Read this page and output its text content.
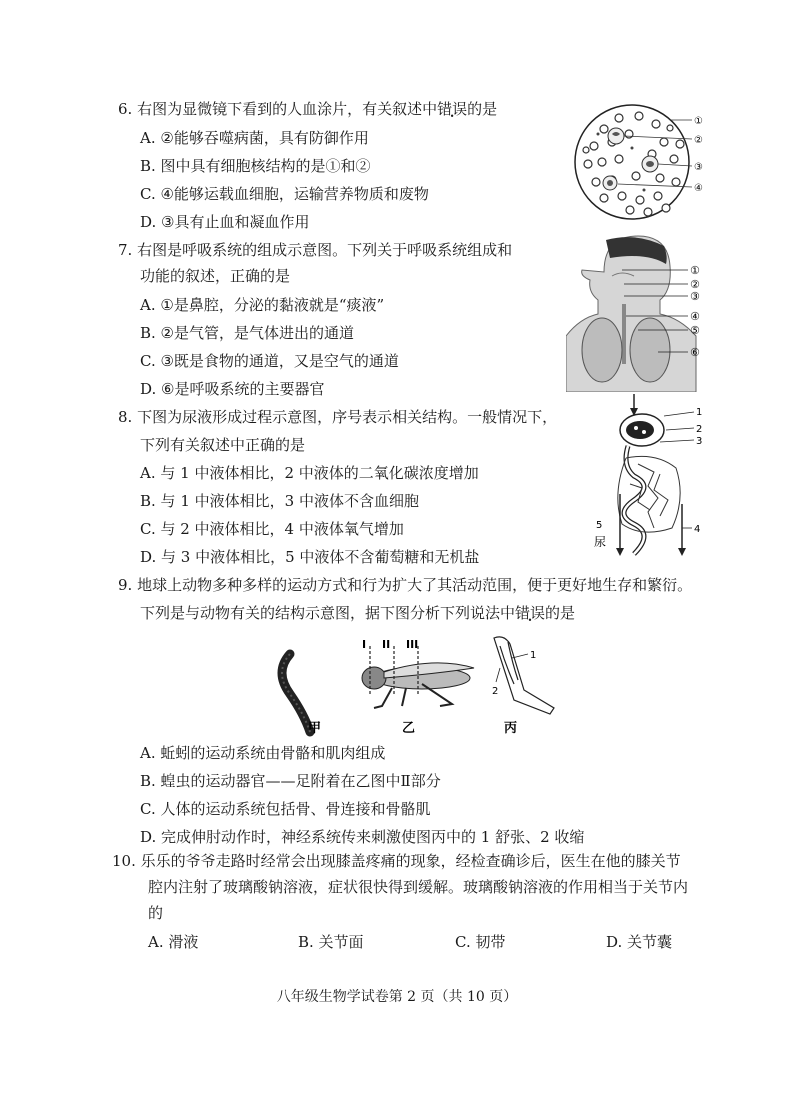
6. 右图为显微镜下看到的人血涂片，有关叙述中错误的是
A. ②能够吞噬病菌，具有防御作用
B. 图中具有细胞核结构的是①和②
C. ④能够运载血细胞，运输营养物质和废物
D. ③具有止血和凝血作用
①
②
③
④
7. 右图是呼吸系统的组成示意图。下列关于呼吸系统组成和
功能的叙述，正确的是
A. ①是鼻腔，分泌的黏液就是“痰液”
B. ②是气管，是气体进出的通道
C. ③既是食物的通道，又是空气的通道
D. ⑥是呼吸系统的主要器官
①
②
③
④
⑤
⑥
8. 下图为尿液形成过程示意图，序号表示相关结构。一般情况下，
下列有关叙述中正确的是
A. 与 1 中液体相比，2 中液体的二氧化碳浓度增加
B. 与 1 中液体相比，3 中液体不含血细胞
C. 与 2 中液体相比，4 中液体氧气增加
D. 与 3 中液体相比，5 中液体不含葡萄糖和无机盐
1
2
3
4
5
尿
9. 地球上动物多种多样的运动方式和行为扩大了其活动范围，便于更好地生存和繁衍。
下列是与动物有关的结构示意图，据下图分析下列说法中错误的是
I II III
1
2
甲	乙	丙
A. 蚯蚓的运动系统由骨骼和肌肉组成
B. 蝗虫的运动器官——足附着在乙图中Ⅱ部分
C. 人体的运动系统包括骨、骨连接和骨骼肌
D. 完成伸肘动作时，神经系统传来刺激使图丙中的 1 舒张、2 收缩
10. 乐乐的爷爷走路时经常会出现膝盖疼痛的现象，经检查确诊后，医生在他的膝关节
腔内注射了玻璃酸钠溶液，症状很快得到缓解。玻璃酸钠溶液的作用相当于关节内
的
A. 滑液	B. 关节面	C. 韧带	D. 关节囊
八年级生物学试卷第 2 页（共 10 页）
